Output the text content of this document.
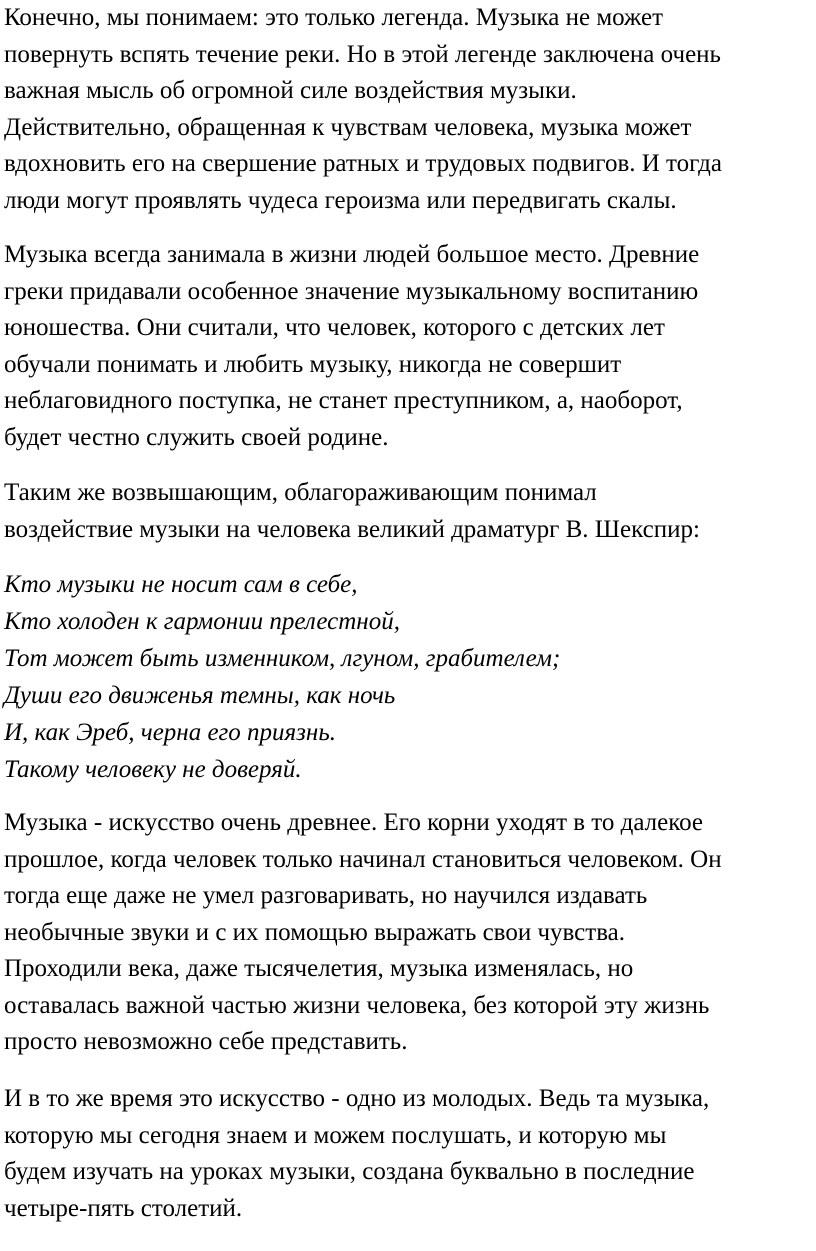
Конечно, мы понимаем: это только легенда. Музыка не может
повернуть вспять течение реки. Но в этой легенде заключена очень
важная мысль об огромной силе воздействия музыки.
Действительно, обращенная к чувствам человека, музыка может
вдохновить его на свершение ратных и трудовых подвигов. И тогда
люди могут проявлять чудеса героизма или передвигать скалы.

Музыка всегда занимала в жизни людей большое место. Древние
греки придавали особенное значение музыкальному воспитанию
юношества. Они считали, что человек, которого с детских лет
обучали понимать и любить музыку, никогда не совершит
неблаговидного поступка, не станет преступником, а, наоборот,
будет честно служить своей родине.

Таким же возвышающим, облагораживающим понимал
воздействие музыки на человека великий драматург В. Шекспир:

Кто музыки не носит сам в себе,
Кто холоден к гармонии прелестной,
Тот может быть изменником, лгуном, грабителем;
Души его движенья темны, как ночь
И, как Эреб, черна его приязнь.
Такому человеку не доверяй.

Музыка - искусство очень древнее. Его корни уходят в то далекое
прошлое, когда человек только начинал становиться человеком. Он
тогда еще даже не умел разговаривать, но научился издавать
необычные звуки и с их помощью выражать свои чувства.
Проходили века, даже тысячелетия, музыка изменялась, но
оставалась важной частью жизни человека, без которой эту жизнь
просто невозможно себе представить.

И в то же время это искусство - одно из молодых. Ведь та музыка,
которую мы сегодня знаем и можем послушать, и которую мы
будем изучать на уроках музыки, создана буквально в последние
четыре-пять столетий.
